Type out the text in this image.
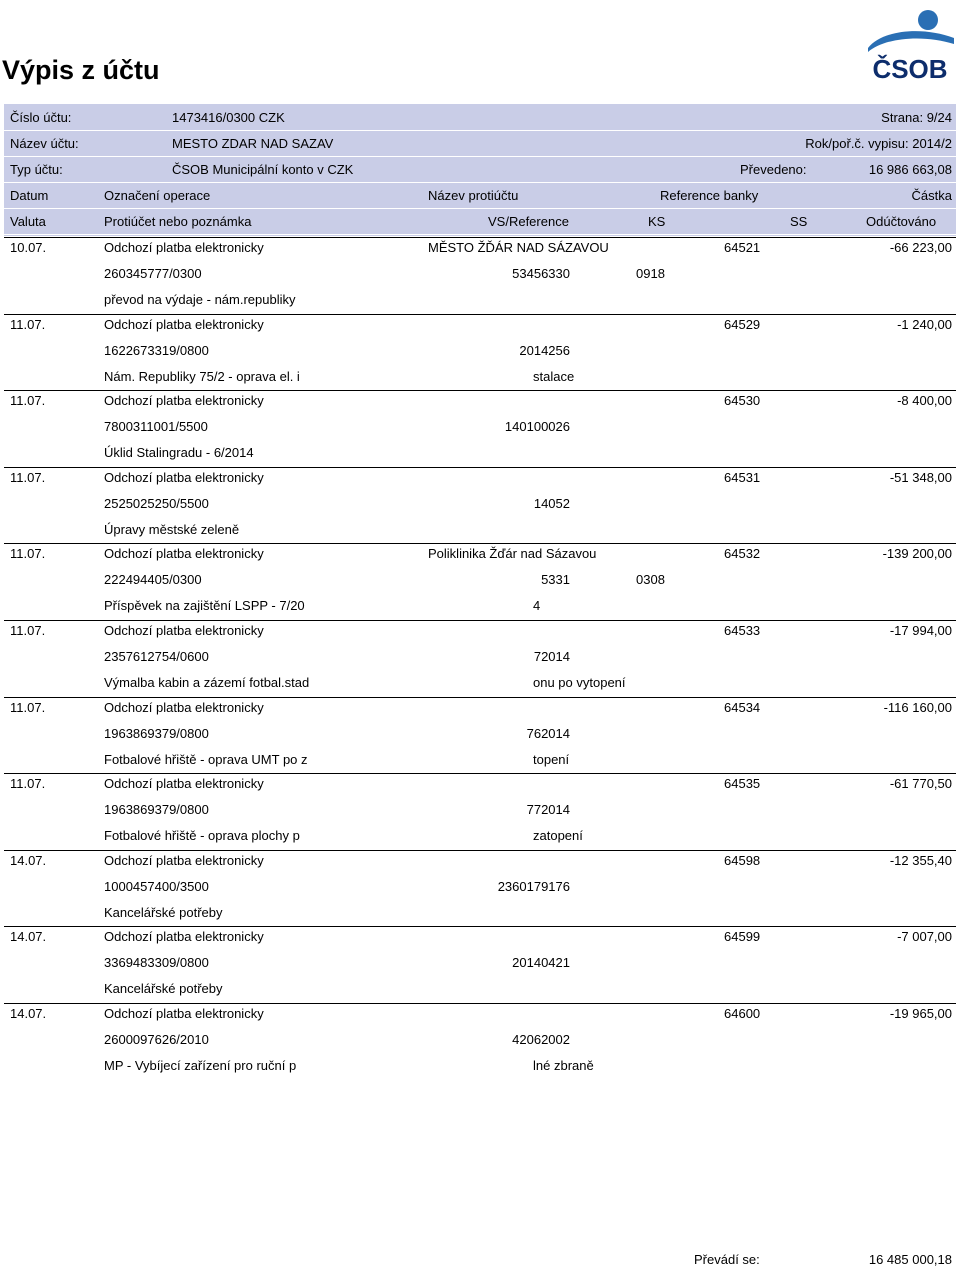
Výpis z účtu	ČSOB
Číslo účtu:	1473416/0300 CZK	Strana: 9/24
Název účtu:	MESTO ZDAR NAD SAZAV	Rok/poř.č. vypisu: 2014/2
Typ účtu:	ČSOB Municipální konto v CZK	Převedeno:	16 986 663,08
Datum	Označení operace	Název protiúčtu	Reference banky	Částka
Valuta	Protiúčet nebo poznámka	VS/Reference	KS	SS	Odúčtováno
10.07.	Odchozí platba elektronicky	MĚSTO ŽĎÁR NAD SÁZAVOU	64521	-66 223,00
260345777/0300	53456330	0918
převod na výdaje - nám.republiky
11.07.	Odchozí platba elektronicky	64529	-1 240,00
1622673319/0800	2014256
Nám. Republiky 75/2 - oprava el. i	stalace
11.07.	Odchozí platba elektronicky	64530	-8 400,00
7800311001/5500	140100026
Úklid Stalingradu - 6/2014
11.07.	Odchozí platba elektronicky	64531	-51 348,00
2525025250/5500	14052
Úpravy městské zeleně
11.07.	Odchozí platba elektronicky	Poliklinika Žďár nad Sázavou	64532	-139 200,00
222494405/0300	5331	0308
Příspěvek na zajištění LSPP - 7/20	4
11.07.	Odchozí platba elektronicky	64533	-17 994,00
2357612754/0600	72014
Výmalba kabin a zázemí fotbal.stad	onu po vytopení
11.07.	Odchozí platba elektronicky	64534	-116 160,00
1963869379/0800	762014
Fotbalové hřiště - oprava UMT po z	topení
11.07.	Odchozí platba elektronicky	64535	-61 770,50
1963869379/0800	772014
Fotbalové hřiště - oprava plochy p	zatopení
14.07.	Odchozí platba elektronicky	64598	-12 355,40
1000457400/3500	2360179176
Kancelářské potřeby
14.07.	Odchozí platba elektronicky	64599	-7 007,00
3369483309/0800	20140421
Kancelářské potřeby
14.07.	Odchozí platba elektronicky	64600	-19 965,00
2600097626/2010	42062002
MP - Vybíjecí zařízení pro ruční p	lné zbraně
Převádí se:	16 485 000,18
